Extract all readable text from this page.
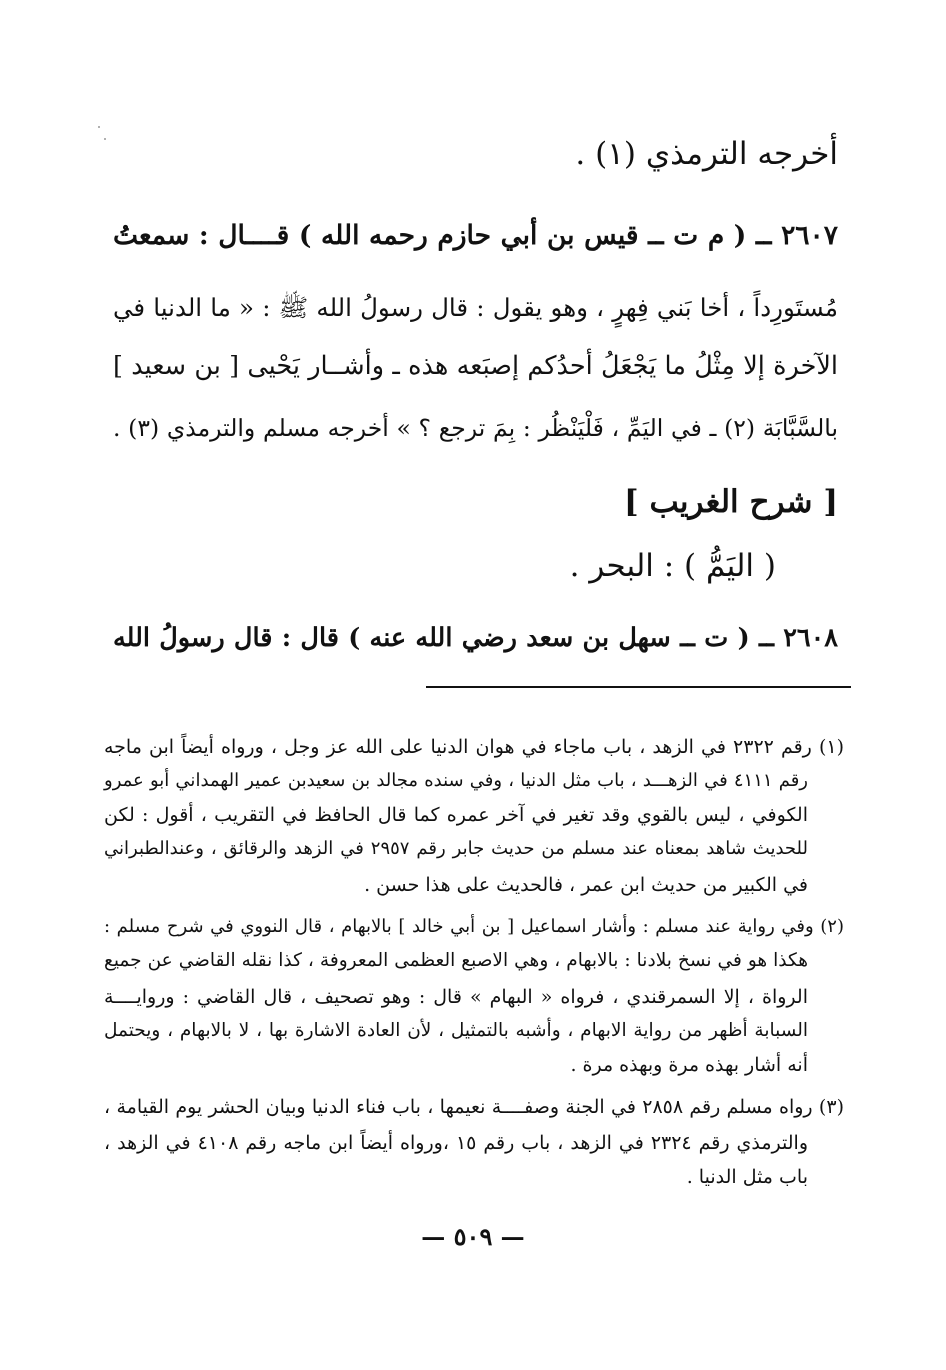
أخرجه الترمذي (١) .
٢٦٠٧ ــ ( م ت ــ قيس بن أبي حازم رحمه الله ) قــــال : سمعتُ
مُستَورِداً ، أخا بَني فِهرٍ ، وهو يقول : قال رسولُ الله ﷺ : « ما الدنيا في
الآخرة إلا مِثْلُ ما يَجْعَلُ أحدُكم إصبَعه هذه ـ وأشــار يَحْيى [ بن سعيد ]
بالسَّبَّابَة (٢) ـ في اليَمِّ ، فَلْيَنْظُر : بِمَ ترجع ؟ » أخرجه مسلم والترمذي (٣) .
[ شرح الغريب ]
( اليَمُّ ) : البحر .
٢٦٠٨ ــ ( ت ــ سهل بن سعد رضي الله عنه ) قال : قال رسولُ الله
(١) رقم ٢٣٢٢ في الزهد ، باب ماجاء في هوان الدنيا على الله عز وجل ، ورواه أيضاً ابن ماجه
رقم ٤١١١ في الزهـــد ، باب مثل الدنيا ، وفي سنده مجالد بن سعيدبن عمير الهمداني أبو عمرو
الكوفي ، ليس بالقوي وقد تغير في آخر عمره كما قال الحافظ في التقريب ، أقول : لكن
للحديث شاهد بمعناه عند مسلم من حديث جابر رقم ٢٩٥٧ في الزهد والرقائق ، وعندالطبراني
في الكبير من حديث ابن عمر ، فالحديث على هذا حسن .
(٢) وفي رواية عند مسلم : وأشار اسماعيل [ بن أبي خالد ] بالابهام ، قال النووي في شرح مسلم :
هكذا هو في نسخ بلادنا : بالابهام ، وهي الاصبع العظمى المعروفة ، كذا نقله القاضي عن جميع
الرواة ، إلا السمرقندي ، فرواه « البهام » قال : وهو تصحيف ، قال القاضي : وروايــــة
السبابة أظهر من رواية الابهام ، وأشبه بالتمثيل ، لأن العادة الاشارة بها ، لا بالابهام ، ويحتمل
أنه أشار بهذه مرة وبهذه مرة .
(٣) رواه مسلم رقم ٢٨٥٨ في الجنة وصفــــة نعيمها ، باب فناء الدنيا وبيان الحشر يوم القيامة ،
والترمذي رقم ٢٣٢٤ في الزهد ، باب رقم ١٥ ،ورواه أيضاً ابن ماجه رقم ٤١٠٨ في الزهد ،
باب مثل الدنيا .
— ٥٠٩ —
